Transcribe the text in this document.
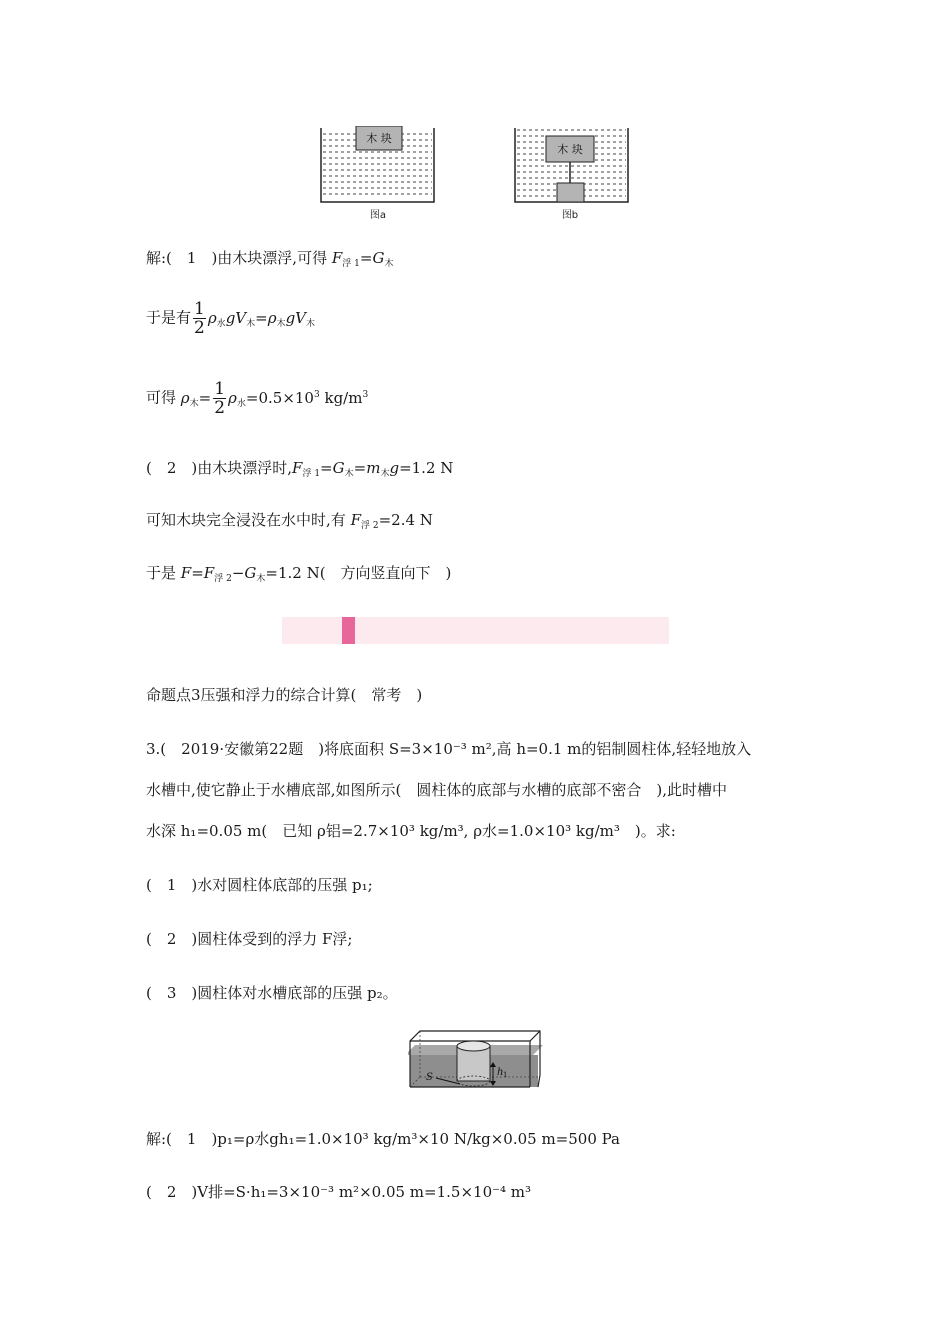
木 块
图a
木 块
图b
解:(　1　)由木块漂浮,可得 $F_{浮 1}=G_木$
于是有 $\frac{1}{2} \rho_水gV_木=\rho_木gV_木$
可得 $\rho_木= \frac{1}{2} \rho_水=0.5\times 10^3$ $kg/m^3$
(　2　)由木块漂浮时$,F_{浮 1}=G_木=m_木g=1.2$ N
可知木块完全浸没在水中时,有 $F_{浮 2}=2.4$ N
于是 $F=F_{浮 2}-G_木=1.2$ N(　方向竖直向下　)
命题点3压强和浮力的综合计算(　常考　)
3.(　2019·安徽第22题　)将底面积 S=3×10⁻³ m²,高 h=0.1 m的铝制圆柱体,轻轻地放入
水槽中,使它静止于水槽底部,如图所示(　圆柱体的底部与水槽的底部不密合　),此时槽中
水深 h₁=0.05 m(　已知 ρ铝=2.7×10³ kg/m³, ρ水=1.0×10³ kg/m³　)。求:
(　1　)水对圆柱体底部的压强 p₁;
(　2　)圆柱体受到的浮力 F浮;
(　3　)圆柱体对水槽底部的压强 p₂。
S	h 1
解:(　1　)p₁=ρ水gh₁=1.0×10³ kg/m³×10 N/kg×0.05 m=500 Pa
(　2　)V排=S·h₁=3×10⁻³ m²×0.05 m=1.5×10⁻⁴ m³
